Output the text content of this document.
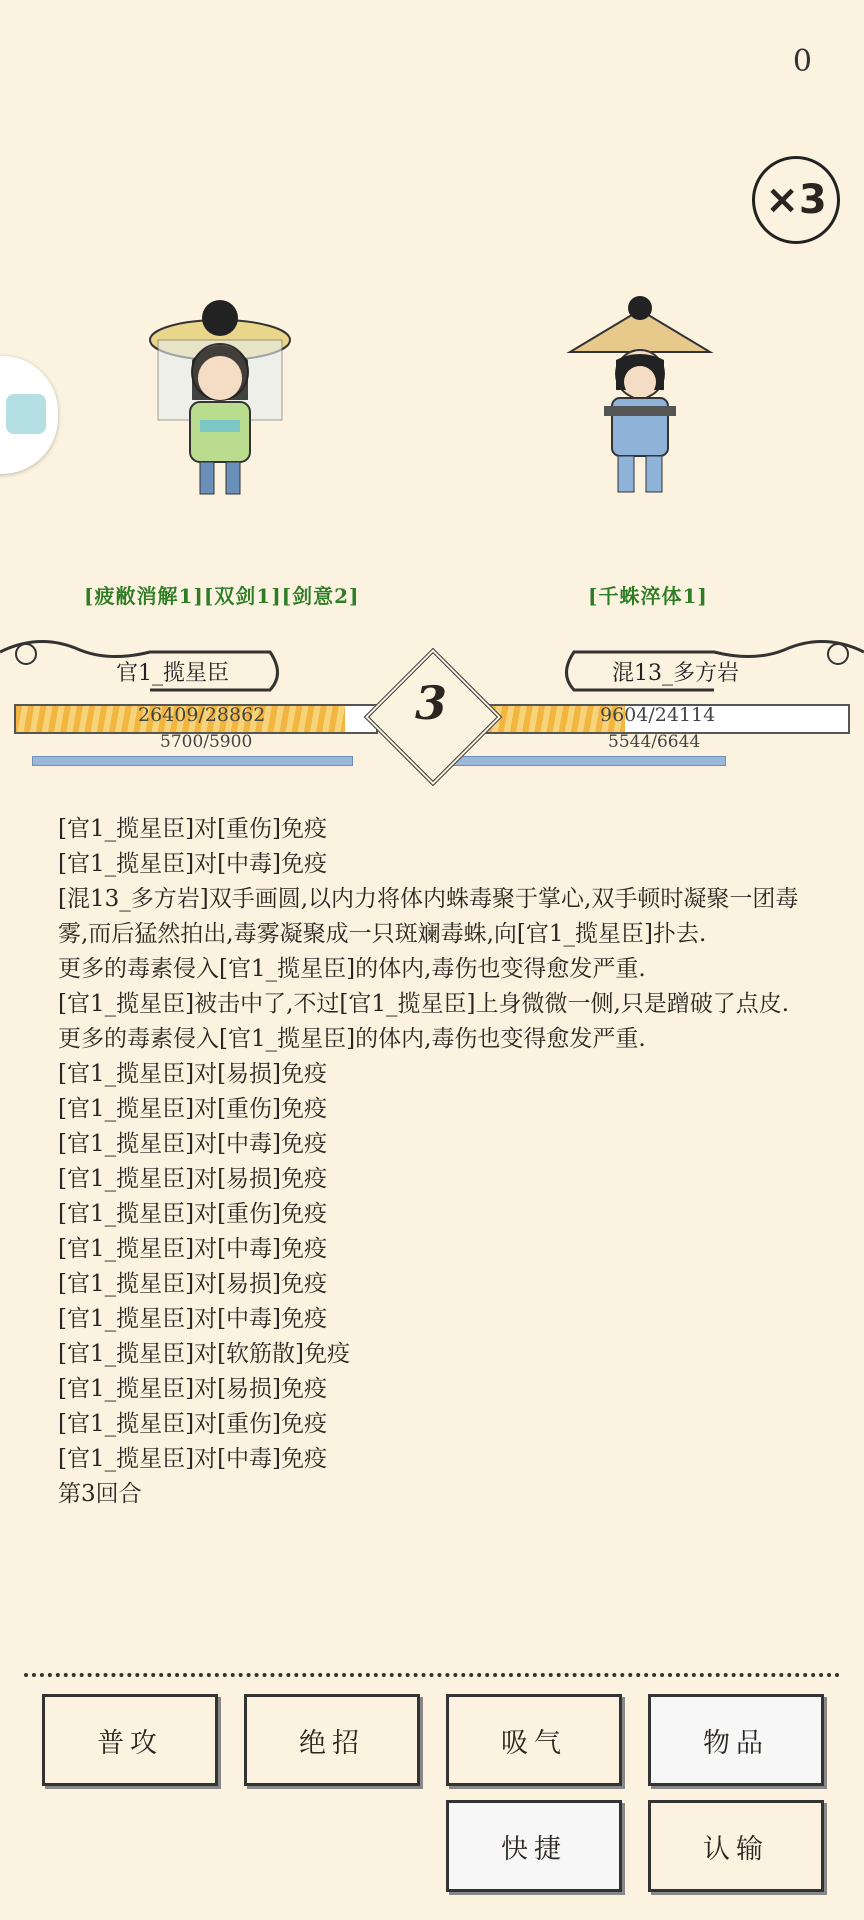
0
×3
[疲敝消解1][双剑1][剑意2]	[千蛛淬体1]
官1_揽星臣	混13_多方岩
26409/28862	9604/24114
5700/5900	5544/6644
3

[官1_揽星臣]对[重伤]免疫

[官1_揽星臣]对[中毒]免疫

[混13_多方岩]双手画圆,以内力将体内蛛毒聚于掌心,双手顿时凝聚一团毒雾,而后猛然拍出,毒雾凝聚成一只斑斓毒蛛,向[官1_揽星臣]扑去.

更多的毒素侵入[官1_揽星臣]的体内,毒伤也变得愈发严重.

[官1_揽星臣]被击中了,不过[官1_揽星臣]上身微微一侧,只是蹭破了点皮.

更多的毒素侵入[官1_揽星臣]的体内,毒伤也变得愈发严重.

[官1_揽星臣]对[易损]免疫

[官1_揽星臣]对[重伤]免疫

[官1_揽星臣]对[中毒]免疫

[官1_揽星臣]对[易损]免疫

[官1_揽星臣]对[重伤]免疫

[官1_揽星臣]对[中毒]免疫

[官1_揽星臣]对[易损]免疫

[官1_揽星臣]对[中毒]免疫

[官1_揽星臣]对[软筋散]免疫

[官1_揽星臣]对[易损]免疫

[官1_揽星臣]对[重伤]免疫

[官1_揽星臣]对[中毒]免疫

第3回合

普攻	绝招	吸气	物品
快捷	认输
